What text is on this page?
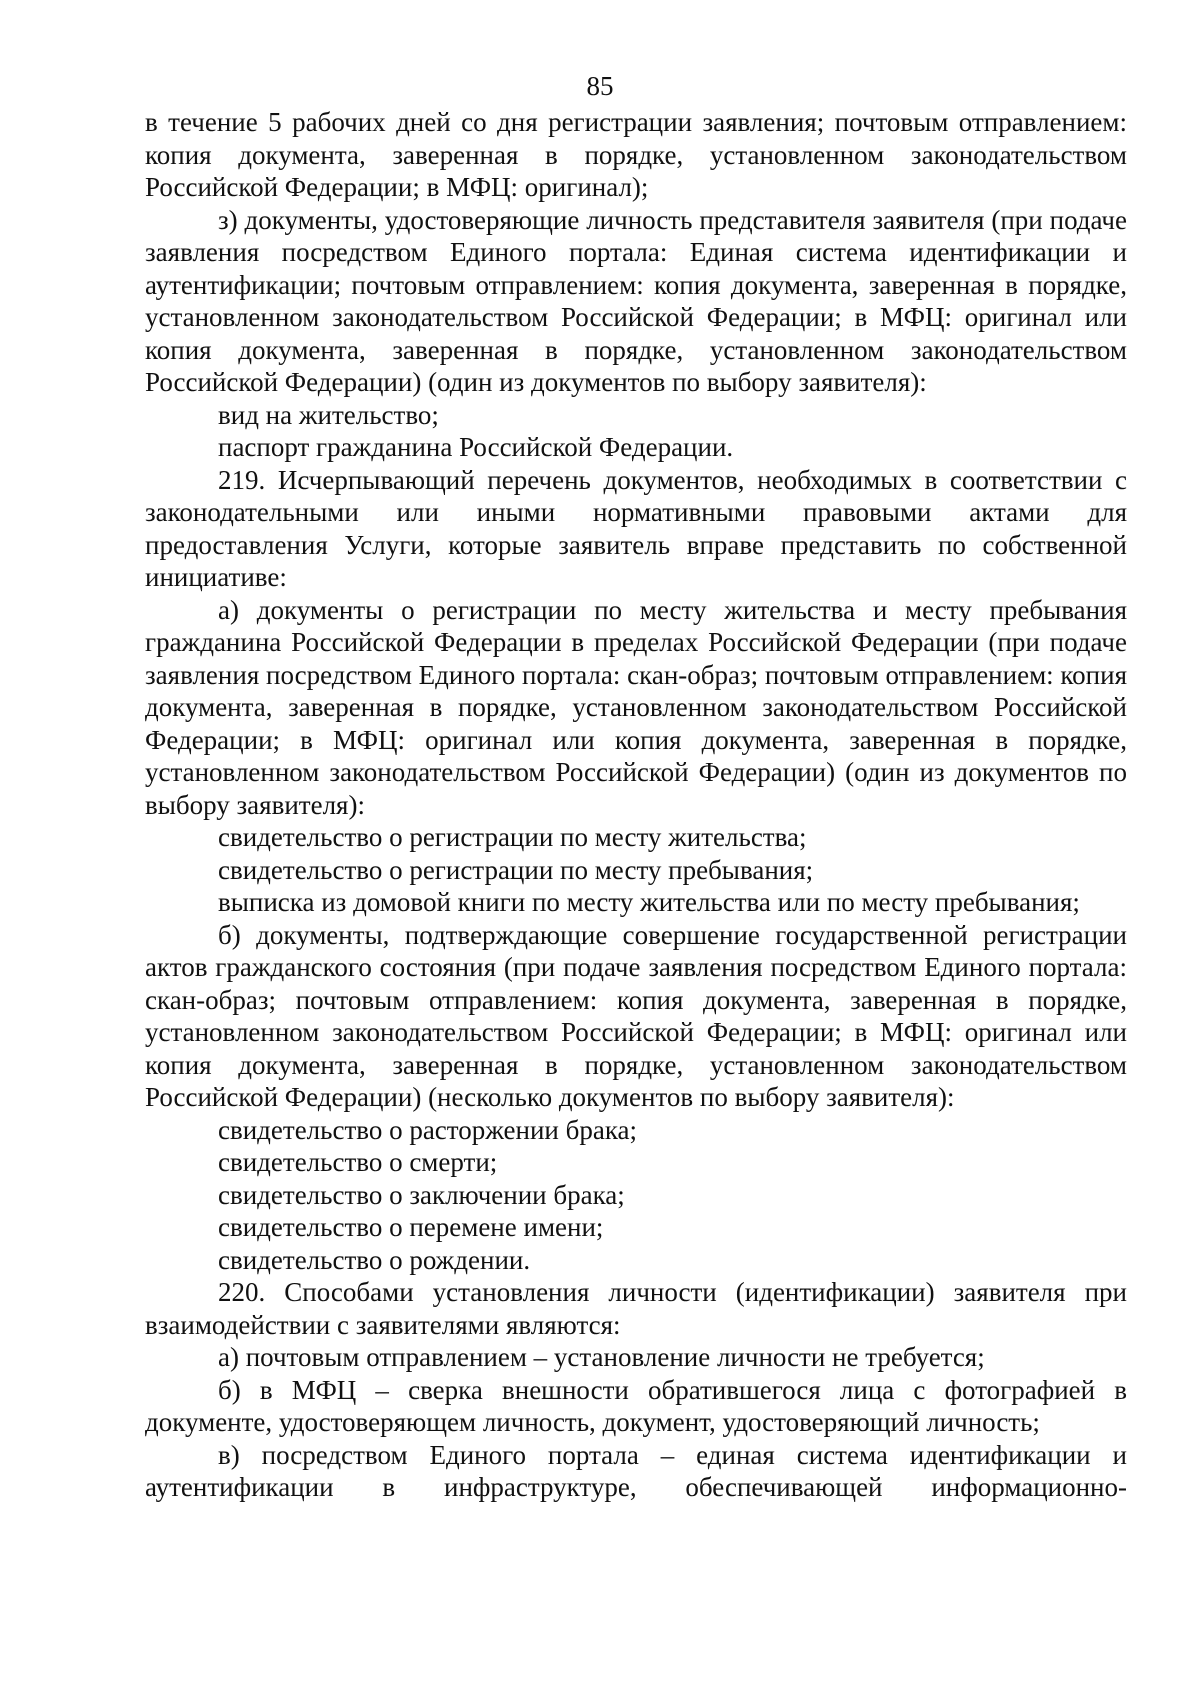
85

в течение 5 рабочих дней со дня регистрации заявления; почтовым отправлением: копия документа, заверенная в порядке, установленном законодательством Российской Федерации; в МФЦ: оригинал);

з) документы, удостоверяющие личность представителя заявителя (при подаче заявления посредством Единого портала: Единая система идентификации и аутентификации; почтовым отправлением: копия документа, заверенная в порядке, установленном законодательством Российской Федерации; в МФЦ: оригинал или копия документа, заверенная в порядке, установленном законодательством Российской Федерации) (один из документов по выбору заявителя):

вид на жительство;

паспорт гражданина Российской Федерации.

219. Исчерпывающий перечень документов, необходимых в соответствии с законодательными или иными нормативными правовыми актами для предоставления Услуги, которые заявитель вправе представить по собственной инициативе:

а) документы о регистрации по месту жительства и месту пребывания гражданина Российской Федерации в пределах Российской Федерации (при подаче заявления посредством Единого портала: скан-образ; почтовым отправлением: копия документа, заверенная в порядке, установленном законодательством Российской Федерации; в МФЦ: оригинал или копия документа, заверенная в порядке, установленном законодательством Российской Федерации) (один из документов по выбору заявителя):

свидетельство о регистрации по месту жительства;

свидетельство о регистрации по месту пребывания;

выписка из домовой книги по месту жительства или по месту пребывания;

б) документы, подтверждающие совершение государственной регистрации актов гражданского состояния (при подаче заявления посредством Единого портала: скан-образ; почтовым отправлением: копия документа, заверенная в порядке, установленном законодательством Российской Федерации; в МФЦ: оригинал или копия документа, заверенная в порядке, установленном законодательством Российской Федерации) (несколько документов по выбору заявителя):

свидетельство о расторжении брака;

свидетельство о смерти;

свидетельство о заключении брака;

свидетельство о перемене имени;

свидетельство о рождении.

220. Способами установления личности (идентификации) заявителя при взаимодействии с заявителями являются:

а) почтовым отправлением – установление личности не требуется;

б) в МФЦ – сверка внешности обратившегося лица с фотографией в документе, удостоверяющем личность, документ, удостоверяющий личность;

в) посредством Единого портала – единая система идентификации и аутентификации в инфраструктуре, обеспечивающей информационно-
